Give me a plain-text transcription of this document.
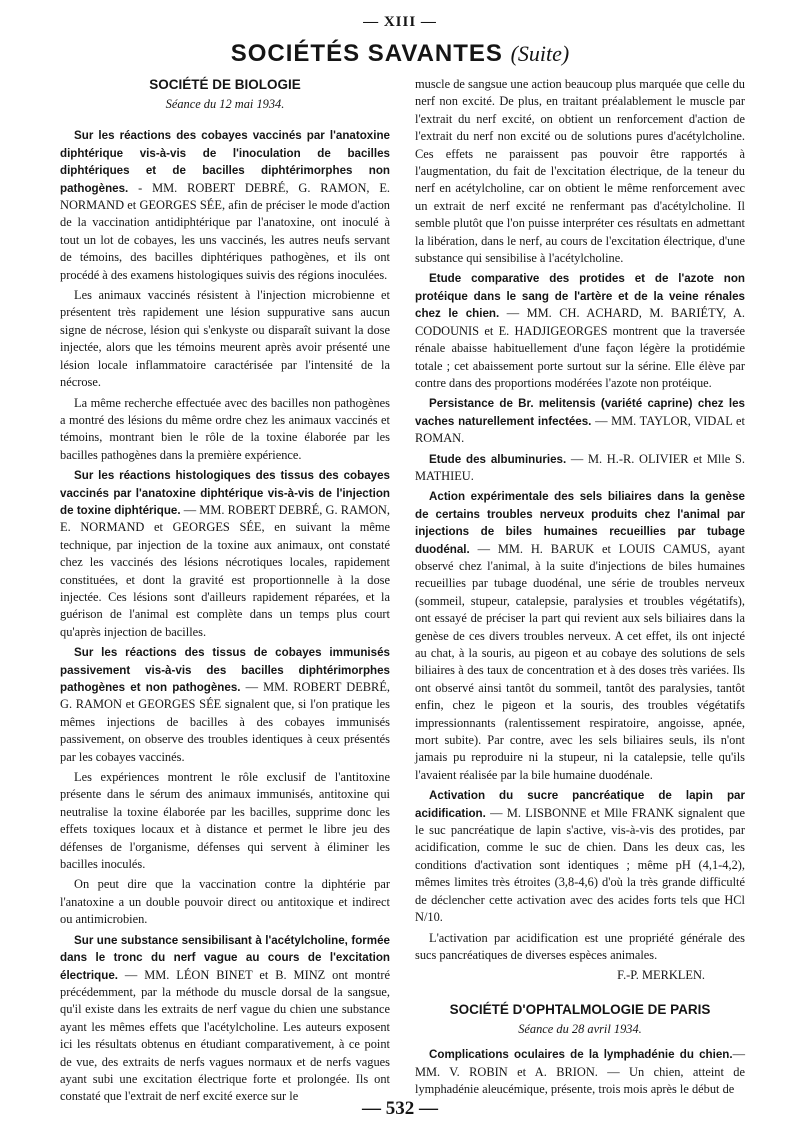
— XIII —
SOCIÉTÉS SAVANTES (Suite)

SOCIÉTÉ DE BIOLOGIE

Séance du 12 mai 1934.

Sur les réactions des cobayes vaccinés par l'anatoxine diphtérique vis-à-vis de l'inoculation de bacilles diphtériques et de bacilles diphtérimorphes non pathogènes. - MM. ROBERT DEBRÉ, G. RAMON, E. NORMAND et GEORGES SÉE, afin de préciser le mode d'action de la vaccination antidiphtérique par l'anatoxine, ont inoculé à tout un lot de cobayes, les uns vaccinés, les autres neufs servant de témoins, des bacilles diphtériques pathogènes, et ils ont procédé à des examens histologiques suivis des régions inoculées.

Les animaux vaccinés résistent à l'injection microbienne et présentent très rapidement une lésion suppurative sans aucun signe de nécrose, lésion qui s'enkyste ou disparaît suivant la dose injectée, alors que les témoins meurent après avoir présenté une lésion locale inflammatoire caractérisée par l'intensité de la nécrose.

La même recherche effectuée avec des bacilles non pathogènes a montré des lésions du même ordre chez les animaux vaccinés et témoins, montrant bien le rôle de la toxine élaborée par les bacilles pathogènes dans la première expérience.

Sur les réactions histologiques des tissus des cobayes vaccinés par l'anatoxine diphtérique vis-à-vis de l'injection de toxine diphtérique. — MM. ROBERT DEBRÉ, G. RAMON, E. NORMAND et GEORGES SÉE, en suivant la même technique, par injection de la toxine aux animaux, ont constaté chez les vaccinés des lésions nécrotiques locales, rapidement constituées, et dont la gravité est proportionnelle à la dose injectée. Ces lésions sont d'ailleurs rapidement réparées, et la guérison de l'animal est complète dans un temps plus court qu'après injection de bacilles.

Sur les réactions des tissus de cobayes immunisés passivement vis-à-vis des bacilles diphtérimorphes pathogènes et non pathogènes. — MM. ROBERT DEBRÉ, G. RAMON et GEORGES SÉE signalent que, si l'on pratique les mêmes injections de bacilles à des cobayes immunisés passivement, on observe des troubles identiques à ceux présentés par les cobayes vaccinés.

Les expériences montrent le rôle exclusif de l'antitoxine présente dans le sérum des animaux immunisés, antitoxine qui neutralise la toxine élaborée par les bacilles, supprime donc les effets toxiques locaux et à distance et permet le libre jeu des défenses de l'organisme, défenses qui servent à éliminer les bacilles inoculés.

On peut dire que la vaccination contre la diphtérie par l'anatoxine a un double pouvoir direct ou antitoxique et indirect ou antimicrobien.

Sur une substance sensibilisant à l'acétylcholine, formée dans le tronc du nerf vague au cours de l'excitation électrique. — MM. LÉON BINET et B. MINZ ont montré précédemment, par la méthode du muscle dorsal de la sangsue, qu'il existe dans les extraits de nerf vague du chien une substance ayant les mêmes effets que l'acétylcholine. Les auteurs exposent ici les résultats obtenus en étudiant comparativement, à ce point de vue, des extraits de nerfs vagues normaux et de nerfs vagues ayant subi une excitation électrique forte et prolongée. Ils ont constaté que l'extrait de nerf excité exerce sur le

muscle de sangsue une action beaucoup plus marquée que celle du nerf non excité. De plus, en traitant préalablement le muscle par l'extrait du nerf excité, on obtient un renforcement d'action de l'extrait du nerf non excité ou de solutions pures d'acétylcholine. Ces effets ne paraissent pas pouvoir être rapportés à l'augmentation, du fait de l'excitation électrique, de la teneur du nerf en acétylcholine, car on obtient le même renforcement avec un extrait de nerf excité ne renfermant pas d'acétylcholine. Il semble plutôt que l'on puisse interpréter ces résultats en admettant la libération, dans le nerf, au cours de l'excitation électrique, d'une substance qui sensibilise à l'acétylcholine.

Etude comparative des protides et de l'azote non protéique dans le sang de l'artère et de la veine rénales chez le chien. — MM. CH. ACHARD, M. BARIÉTY, A. CODOUNIS et E. HADJIGEORGES montrent que la traversée rénale abaisse habituellement d'une façon légère la protidémie totale ; cet abaissement porte surtout sur la sérine. Elle élève par contre dans des proportions modérées l'azote non protéique.

Persistance de Br. melitensis (variété caprine) chez les vaches naturellement infectées. — MM. TAYLOR, VIDAL et ROMAN.

Etude des albuminuries. — M. H.-R. OLIVIER et Mlle S. MATHIEU.

Action expérimentale des sels biliaires dans la genèse de certains troubles nerveux produits chez l'animal par injections de biles humaines recueillies par tubage duodénal. — MM. H. BARUK et LOUIS CAMUS, ayant observé chez l'animal, à la suite d'injections de biles humaines recueillies par tubage duodénal, une série de troubles nerveux (sommeil, stupeur, catalepsie, paralysies et troubles végétatifs), ont essayé de préciser la part qui revient aux sels biliaires dans la genèse de ces divers troubles nerveux. A cet effet, ils ont injecté au chat, à la souris, au pigeon et au cobaye des solutions de sels biliaires à des taux de concentration et à des doses très variées. Ils ont observé ainsi tantôt du sommeil, tantôt des paralysies, tantôt enfin, chez le pigeon et la souris, des troubles végétatifs impressionnants (ralentissement respiratoire, angoisse, apnée, mort subite). Par contre, avec les sels biliaires seuls, ils n'ont jamais pu reproduire ni la stupeur, ni la catalepsie, telle qu'ils l'avaient réalisée par la bile humaine duodénale.

Activation du sucre pancréatique de lapin par acidification. — M. LISBONNE et Mlle FRANK signalent que le suc pancréatique de lapin s'active, vis-à-vis des protides, par acidification, comme le suc de chien. Dans les deux cas, les conditions d'activation sont identiques ; même pH (4,1-4,2), mêmes limites très étroites (3,8-4,6) d'où la très grande difficulté de déclencher cette activation avec des acides forts tels que HCl N/10.

L'activation par acidification est une propriété générale des sucs pancréatiques de diverses espèces animales.

F.-P. MERKLEN.

SOCIÉTÉ D'OPHTALMOLOGIE DE PARIS

Séance du 28 avril 1934.

Complications oculaires de la lymphadénie du chien.— MM. V. ROBIN et A. BRION. — Un chien, atteint de lymphadénie aleucémique, présente, trois mois après le début de

— 532 —
